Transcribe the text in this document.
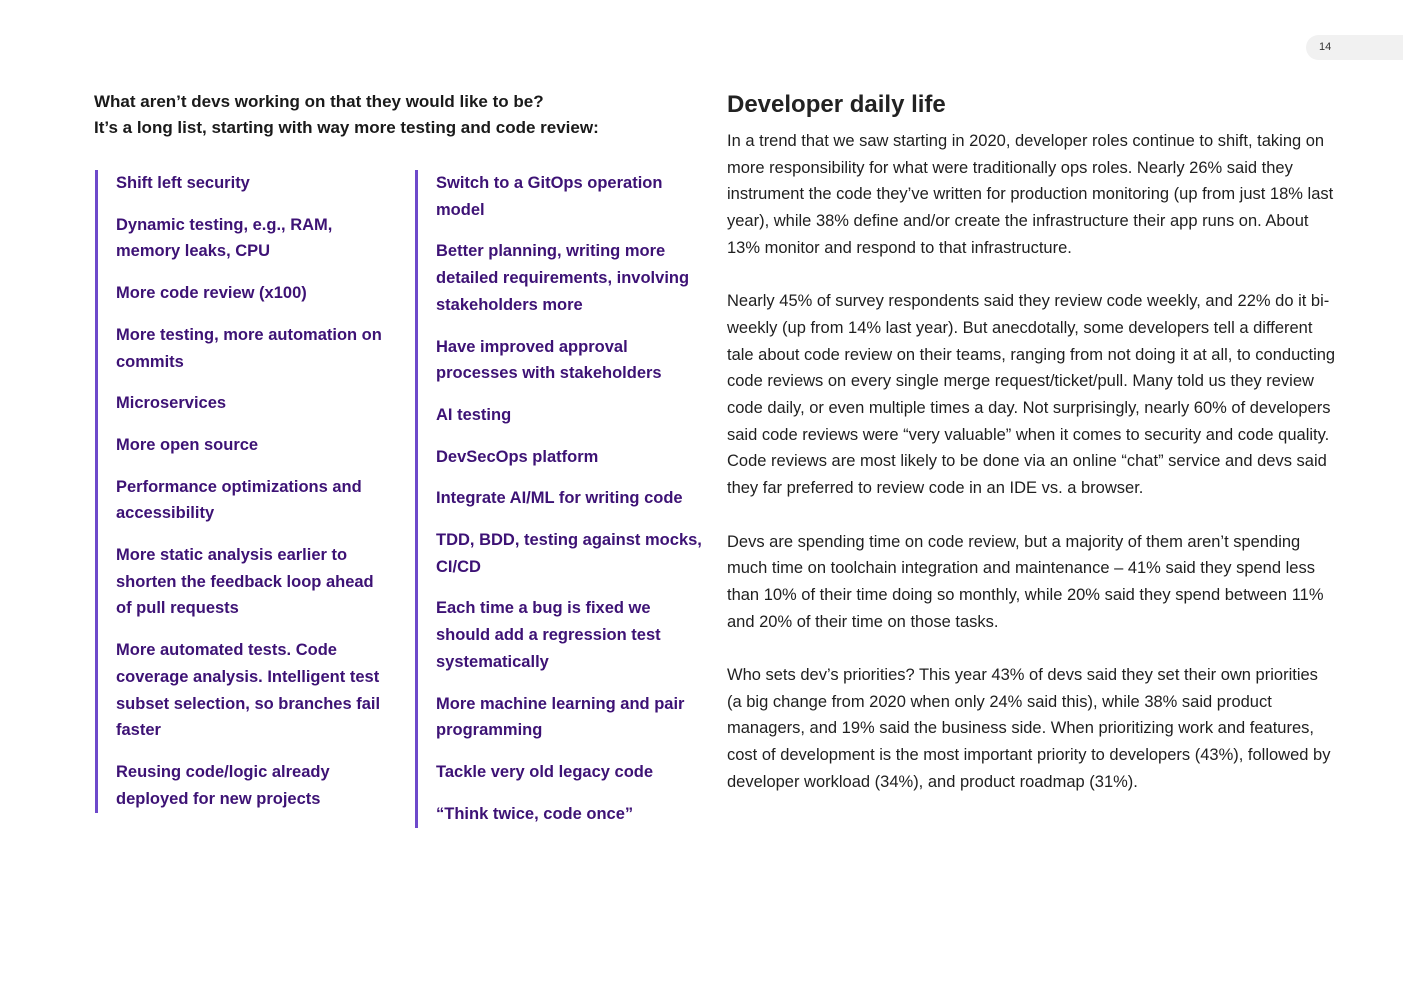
14
What aren’t devs working on that they would like to be?
It’s a long list, starting with way more testing and code review:
Shift left security
Dynamic testing, e.g., RAM, memory leaks, CPU
More code review (x100)
More testing, more automation on commits
Microservices
More open source
Performance optimizations and accessibility
More static analysis earlier to shorten the feedback loop ahead of pull requests
More automated tests. Code coverage analysis. Intelligent test subset selection, so branches fail faster
Reusing code/logic already deployed for new projects
Switch to a GitOps operation model
Better planning, writing more detailed requirements, involving stakeholders more
Have improved approval processes with stakeholders
AI testing
DevSecOps platform
Integrate AI/ML for writing code
TDD, BDD, testing against mocks, CI/CD
Each time a bug is fixed we should add a regression test systematically
More machine learning and pair programming
Tackle very old legacy code
“Think twice, code once”
Developer daily life

In a trend that we saw starting in 2020, developer roles continue to shift, taking on more responsibility for what were traditionally ops roles. Nearly 26% said they instrument the code they’ve written for production monitoring (up from just 18% last year), while 38% define and/or create the infrastructure their app runs on. About 13% monitor and respond to that infrastructure.

Nearly 45% of survey respondents said they review code weekly, and 22% do it bi-weekly (up from 14% last year). But anecdotally, some developers tell a different tale about code review on their teams, ranging from not doing it at all, to conducting code reviews on every single merge request/ticket/pull. Many told us they review code daily, or even multiple times a day. Not surprisingly, nearly 60% of developers said code reviews were “very valuable” when it comes to security and code quality. Code reviews are most likely to be done via an online “chat” service and devs said they far preferred to review code in an IDE vs. a browser.

Devs are spending time on code review, but a majority of them aren’t spending much time on toolchain integration and maintenance – 41% said they spend less than 10% of their time doing so monthly, while 20% said they spend between 11% and 20% of their time on those tasks.

Who sets dev’s priorities? This year 43% of devs said they set their own priorities (a big change from 2020 when only 24% said this), while 38% said product managers, and 19% said the business side. When prioritizing work and features, cost of development is the most important priority to developers (43%), followed by developer workload (34%), and product roadmap (31%).
